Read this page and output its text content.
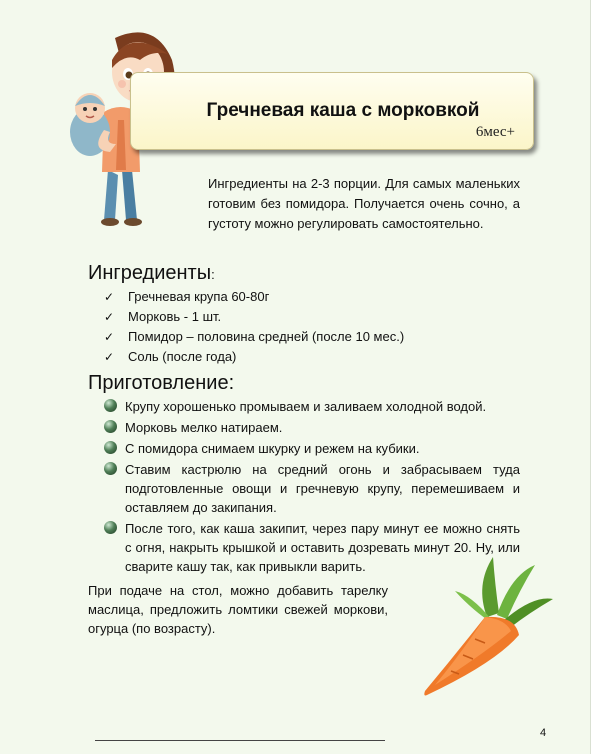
Гречневая каша с морковкой
6мес+
Ингредиенты на 2-3 порции. Для самых маленьких готовим без помидора. Получается очень сочно, а густоту можно регулировать самостоятельно.
Ингредиенты:
✓	Гречневая крупа 60-80г
✓	Морковь - 1 шт.
✓	Помидор – половина средней (после 10 мес.)
✓	Соль (после года)
Приготовление:
Крупу хорошенько промываем и заливаем холодной водой.
Морковь мелко натираем.
С помидора снимаем шкурку и режем на кубики.
Ставим кастрюлю на средний огонь и забрасываем туда подготовленные овощи и гречневую крупу, перемешиваем и оставляем до закипания.
После того, как каша закипит, через пару минут ее можно снять с огня, накрыть крышкой и оставить дозревать минут 20. Ну, или сварите кашу так, как привыкли варить.
При подаче на стол, можно добавить тарелку маслица, предложить ломтики свежей моркови, огурца (по возрасту).
4
